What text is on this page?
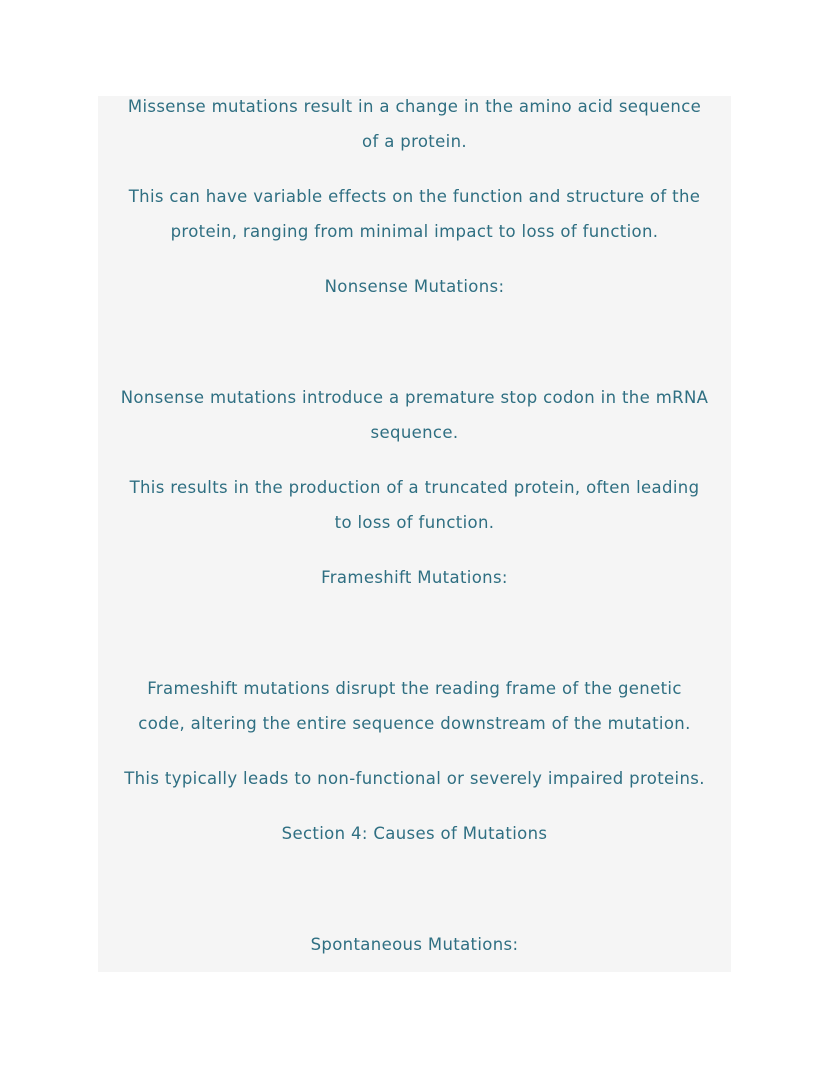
Missense mutations result in a change in the amino acid sequence
of a protein.
This can have variable effects on the function and structure of the
protein, ranging from minimal impact to loss of function.
Nonsense Mutations:
Nonsense mutations introduce a premature stop codon in the mRNA
sequence.
This results in the production of a truncated protein, often leading
to loss of function.
Frameshift Mutations:
Frameshift mutations disrupt the reading frame of the genetic
code, altering the entire sequence downstream of the mutation.
This typically leads to non-functional or severely impaired proteins.
Section 4: Causes of Mutations
Spontaneous Mutations:
